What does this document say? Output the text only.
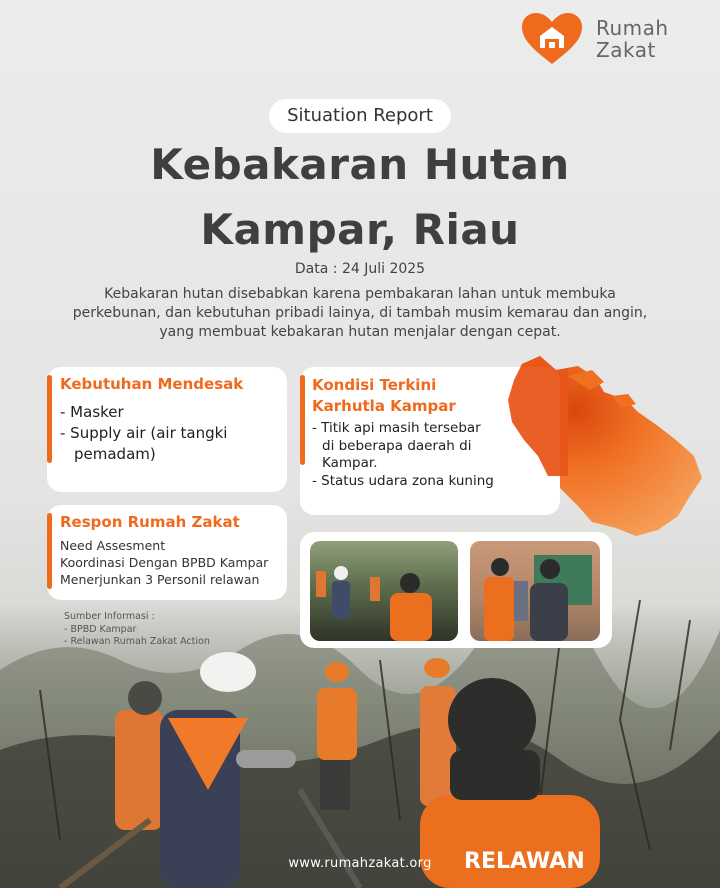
RELAWAN
Rumah
Zakat
Situation Report
Kebakaran Hutan
Kampar, Riau
Data : 24 Juli 2025
Kebakaran hutan disebabkan karena pembakaran lahan untuk membuka perkebunan, dan kebutuhan pribadi lainya, di tambah musim kemarau dan angin, yang membuat kebakaran hutan menjalar dengan cepat.
Kebutuhan Mendesak
- Masker
- Supply air (air tangki
pemadam)
Respon Rumah Zakat
Need Assesment
Koordinasi Dengan BPBD Kampar
Menerjunkan 3 Personil relawan
Kondisi Terkini
Karhutla Kampar
- Titik api masih tersebar di beberapa daerah di Kampar.
- Status udara zona kuning
Sumber Informasi :
- BPBD Kampar
- Relawan Rumah Zakat Action
www.rumahzakat.org
